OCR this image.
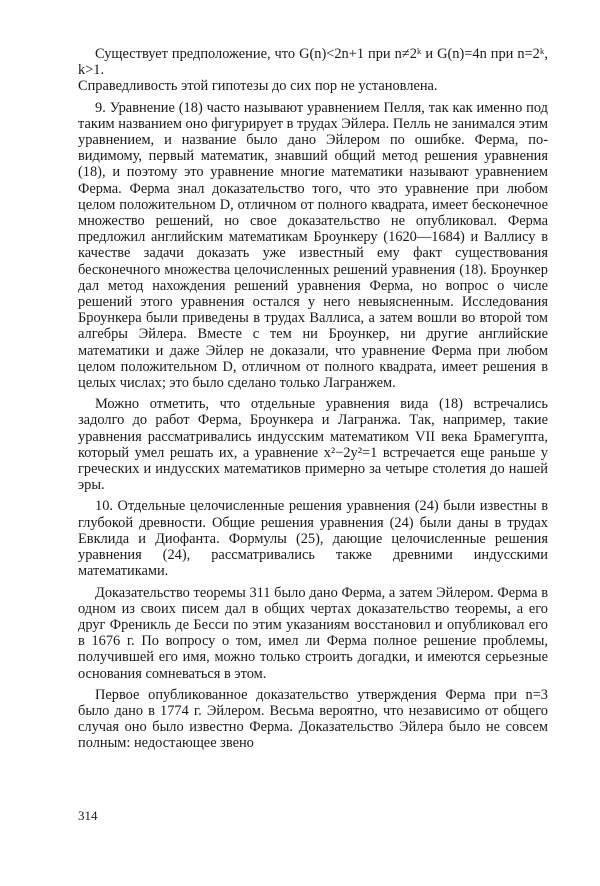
Существует предположение, что G(n)<2n+1 при n≠2ᵏ и G(n)=4n при n=2ᵏ, k>1.

Справедливость этой гипотезы до сих пор не установлена.

9. Уравнение (18) часто называют уравнением Пелля, так как именно под таким названием оно фигурирует в трудах Эйлера. Пелль не занимался этим уравнением, и название было дано Эйлером по ошибке. Ферма, по-видимому, первый математик, знавший общий метод решения уравнения (18), и поэтому это уравнение многие математики называют уравнением Ферма. Ферма знал доказательство того, что это уравнение при любом целом положительном D, отличном от полного квадрата, имеет бесконечное множество решений, но свое доказательство не опубликовал. Ферма предложил английским математикам Броункеру (1620—1684) и Валлису в качестве задачи доказать уже известный ему факт существования бесконечного множества целочисленных решений уравнения (18). Броункер дал метод нахождения решений уравнения Ферма, но вопрос о числе решений этого уравнения остался у него невыясненным. Исследования Броункера были приведены в трудах Валлиса, а затем вошли во второй том алгебры Эйлера. Вместе с тем ни Броункер, ни другие английские математики и даже Эйлер не доказали, что уравнение Ферма при любом целом положительном D, отличном от полного квадрата, имеет решения в целых числах; это было сделано только Лагранжем.

Можно отметить, что отдельные уравнения вида (18) встречались задолго до работ Ферма, Броункера и Лагранжа. Так, например, такие уравнения рассматривались индусским математиком VII века Брамегупта, который умел решать их, а уравнение x²−2y²=1 встречается еще раньше у греческих и индусских математиков примерно за четыре столетия до нашей эры.

10. Отдельные целочисленные решения уравнения (24) были известны в глубокой древности. Общие решения уравнения (24) были даны в трудах Евклида и Диофанта. Формулы (25), дающие целочисленные решения уравнения (24), рассматривались также древними индусскими математиками.

Доказательство теоремы 311 было дано Ферма, а затем Эйлером. Ферма в одном из своих писем дал в общих чертах доказательство теоремы, а его друг Френикль де Бесси по этим указаниям восстановил и опубликовал его в 1676 г. По вопросу о том, имел ли Ферма полное решение проблемы, получившей его имя, можно только строить догадки, и имеются серьезные основания сомневаться в этом.

Первое опубликованное доказательство утверждения Ферма при n=3 было дано в 1774 г. Эйлером. Весьма вероятно, что независимо от общего случая оно было известно Ферма. Доказательство Эйлера было не совсем полным: недостающее звено

314
